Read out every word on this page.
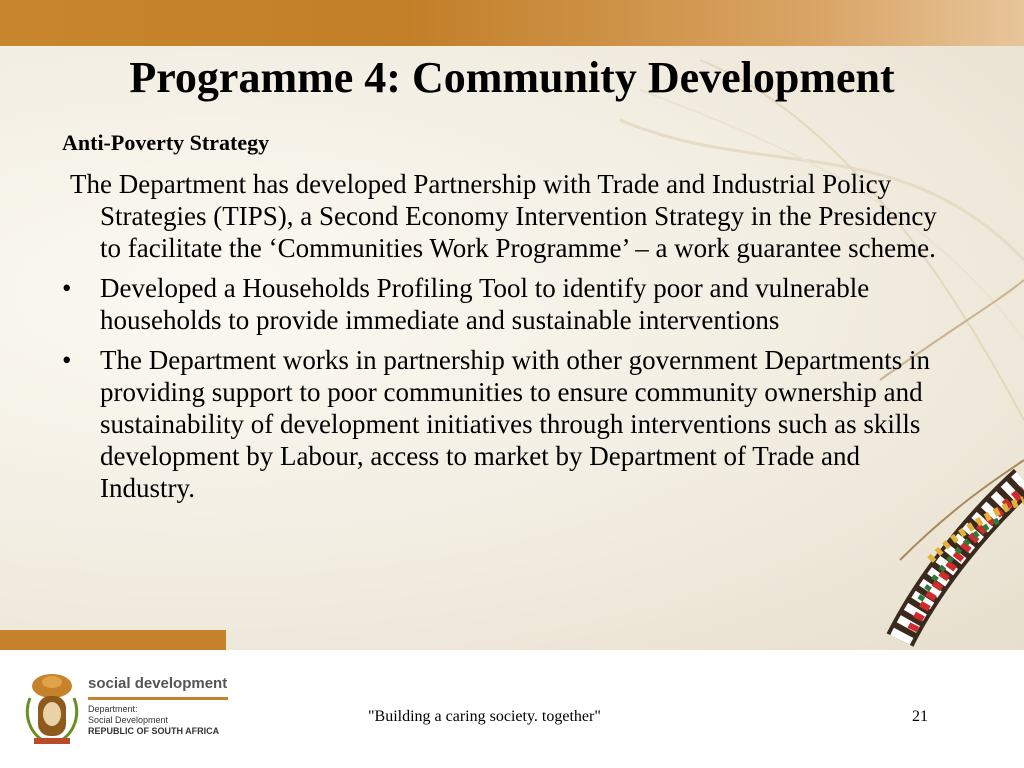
Programme 4: Community Development
Anti-Poverty Strategy

The Department has developed Partnership with Trade and Industrial Policy Strategies (TIPS), a Second Economy Intervention Strategy in the Presidency to facilitate the ‘Communities Work Programme’ – a work guarantee scheme.

• Developed a Households Profiling Tool to identify poor and vulnerable households to provide immediate and sustainable interventions
• The Department works in partnership with other government Departments in providing support to poor communities to ensure community ownership and sustainability of development initiatives through interventions such as skills development by Labour, access to market by Department of Trade and Industry.

social development

Department:
Social Development
REPUBLIC OF SOUTH AFRICA
"Building a caring society. together"	21
